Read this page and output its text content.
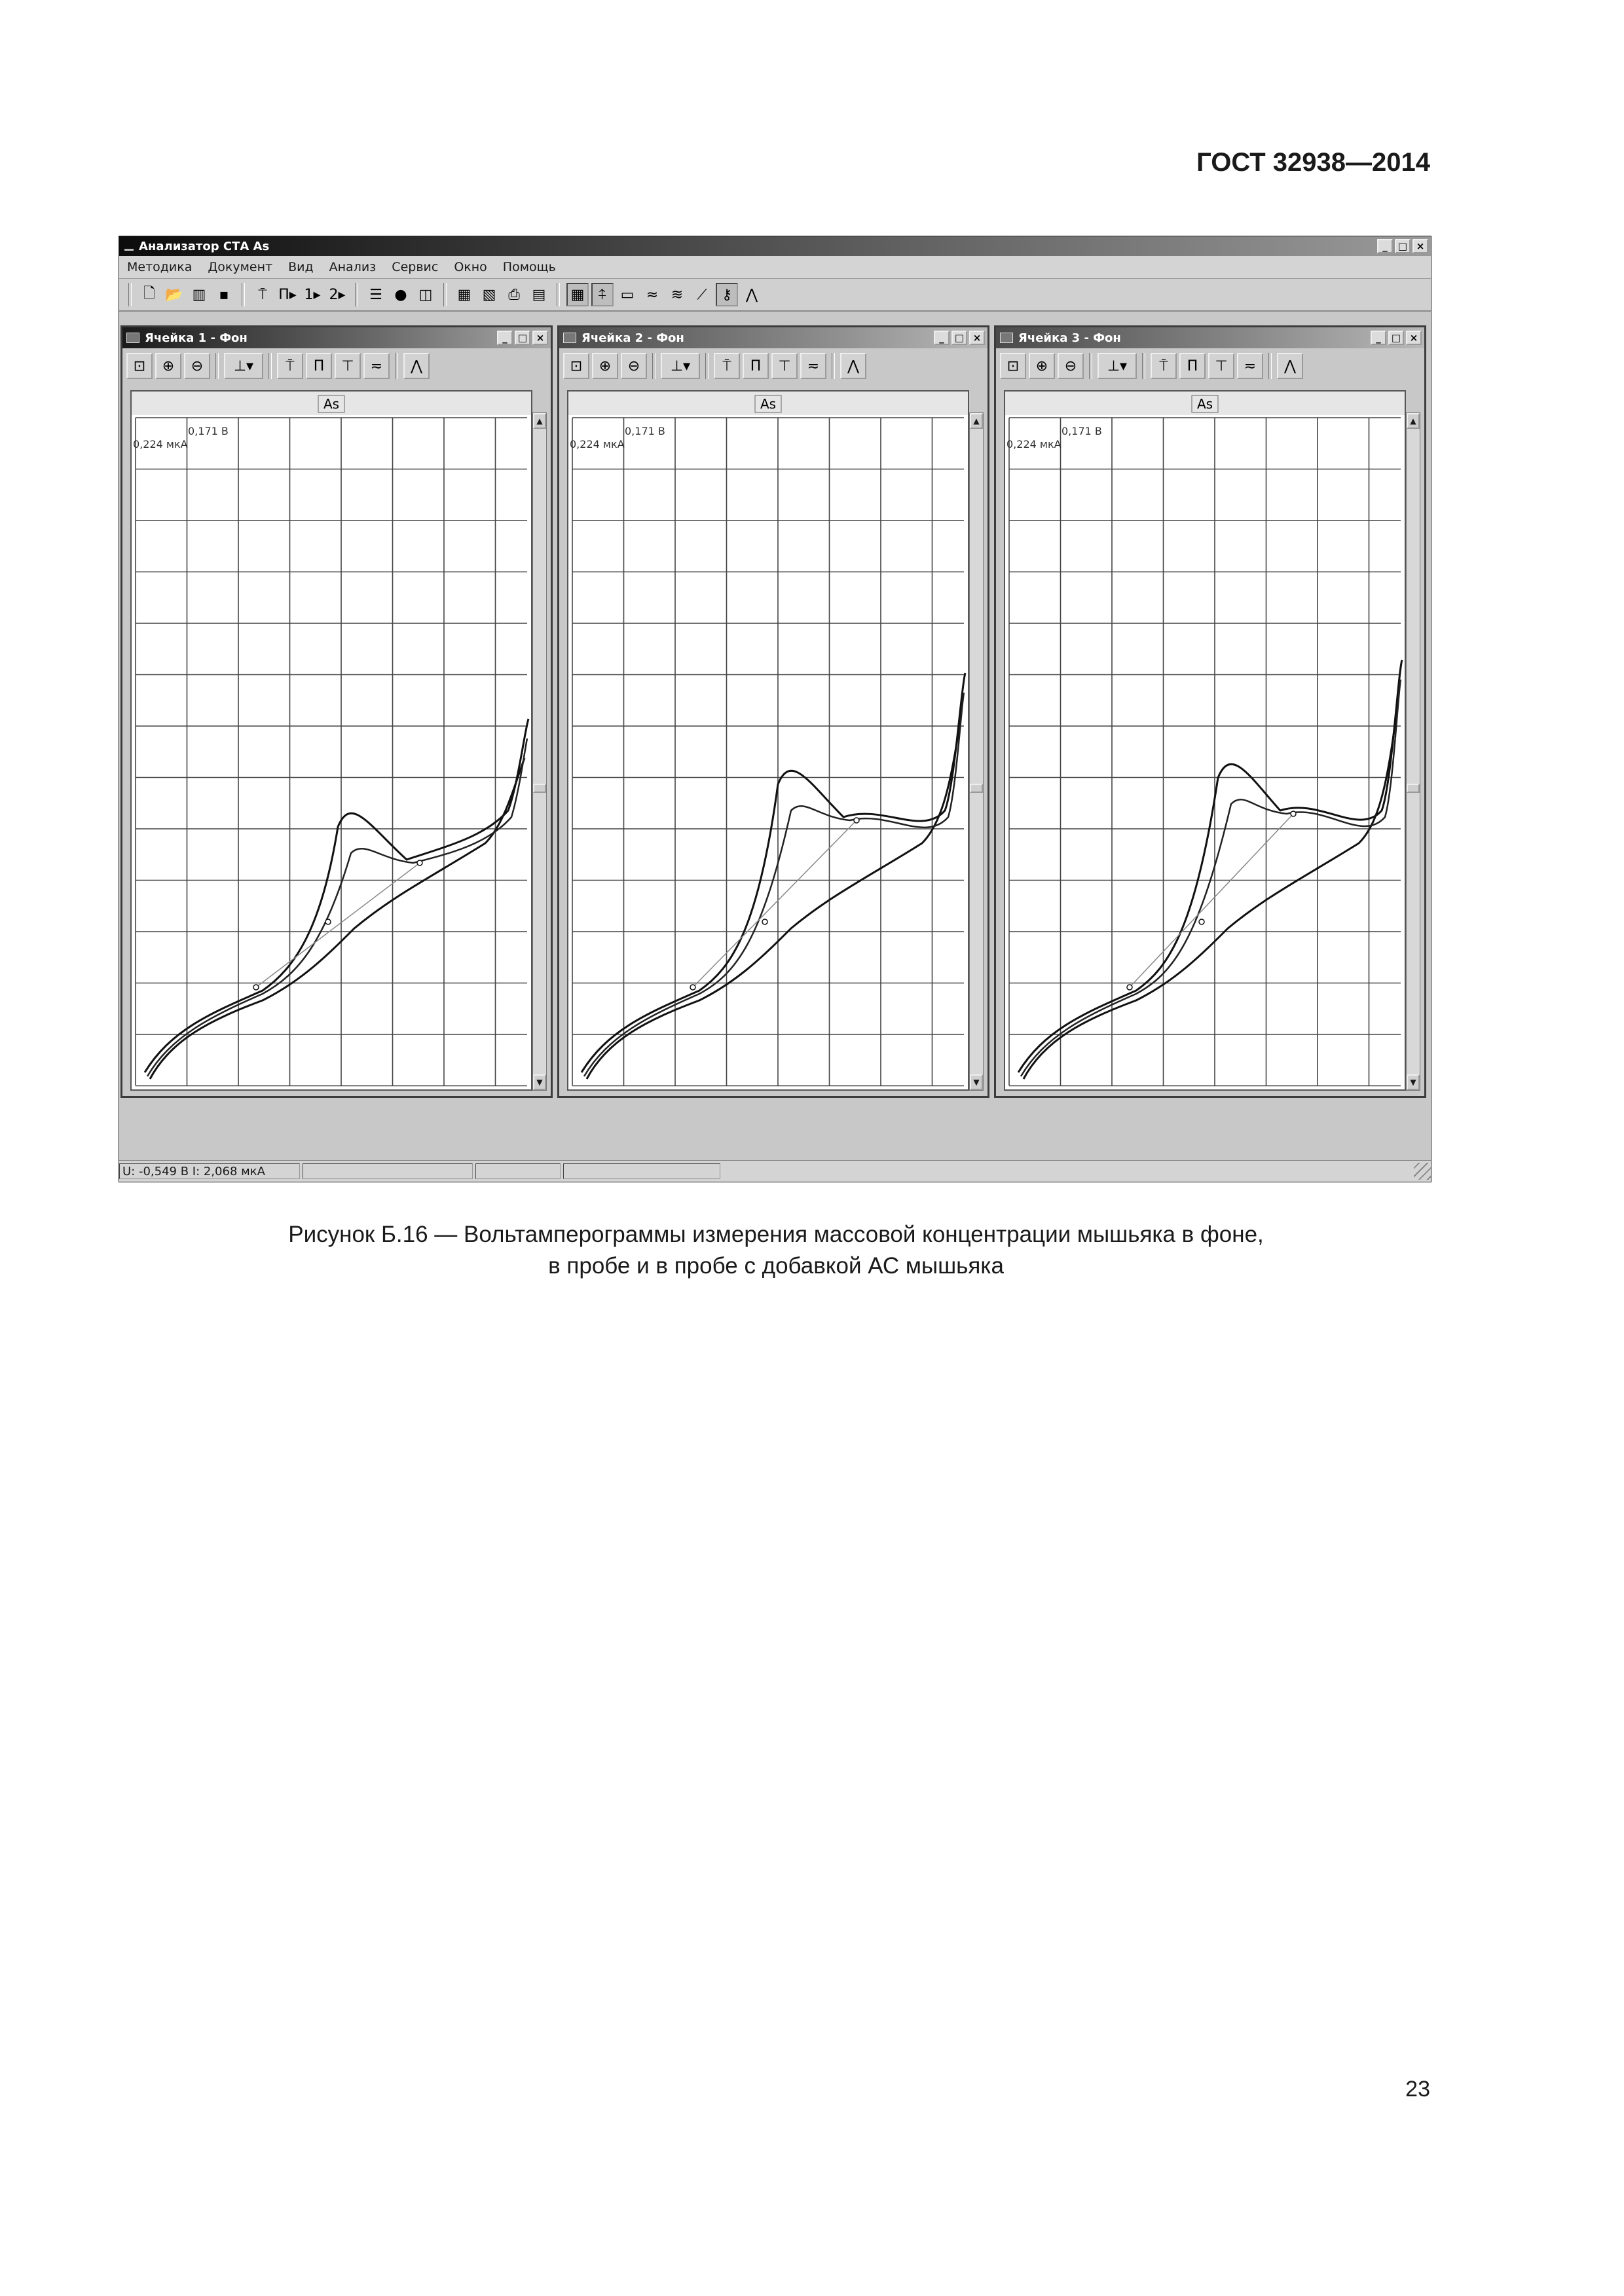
ГОСТ 32938—2014
Анализатор СТА As	_	□ ×
Методика	Документ	Вид	Анализ	Сервис	Окно	Помощь
🗋 📂 ▥ ▪	⍑ Π▸ 1 ▸ 2 ▸	☰ ● ◫	▦ ▧ ⎙ ▤	▦ ⍏ ▭ ≈ ≋ ⟋	⚷ ⋀
Ячейка 1 - Фон	_	□ ×
⊡	⊕	⊖	⊥▾	⍑	Π	⊤	≂	⋀
As
0,171 В
0,224 мкА
▲
▼
Ячейка 2 - Фон	_	□ ×
⊡	⊕	⊖	⊥▾	⍑	Π	⊤	≂	⋀
As
0,171 В
0,224 мкА
▲
▼
Ячейка 3 - Фон	_	□ ×
⊡	⊕	⊖	⊥▾	⍑	Π	⊤	≂	⋀
As
0,171 В
0,224 мкА
▲
▼
U: -0,549 В I: 2,068 мкА
Рисунок Б.16 — Вольтамперограммы измерения массовой концентрации мышьяка в фоне,
в пробе и в пробе с добавкой АС мышьяка
23
